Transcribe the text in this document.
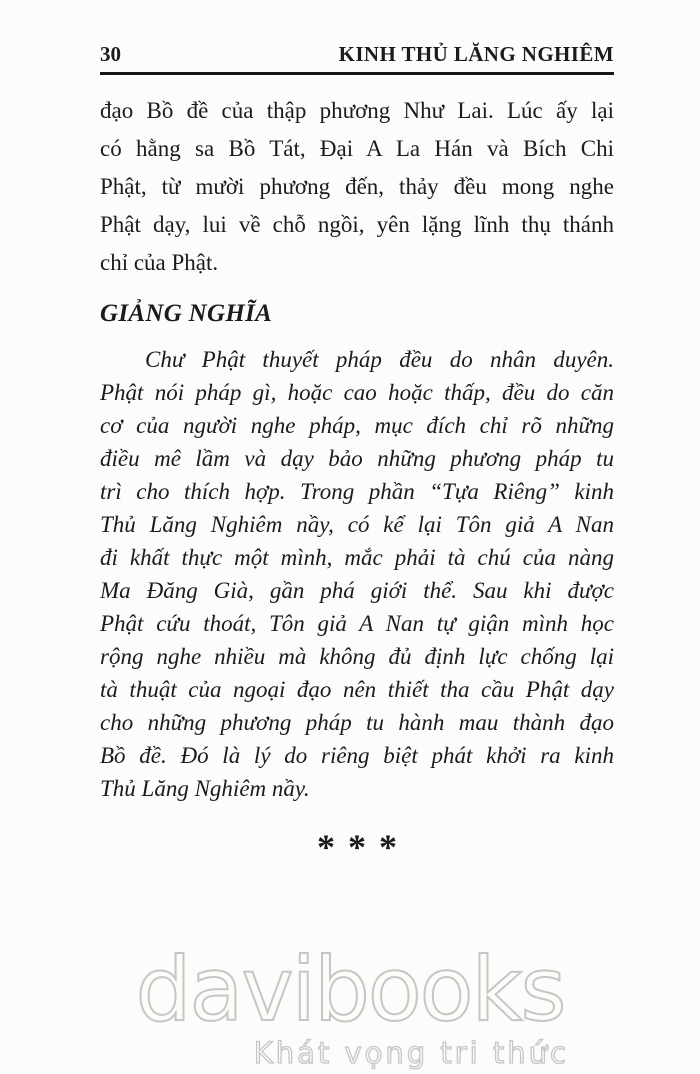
30	KINH THỦ LĂNG NGHIÊM
đạo Bồ đề của thập phương Như Lai. Lúc ấy lại
có hằng sa Bồ Tát, Đại A La Hán và Bích Chi
Phật, từ mười phương đến, thảy đều mong nghe
Phật dạy, lui về chỗ ngồi, yên lặng lĩnh thụ thánh
chỉ của Phật.
GIẢNG NGHĨA
Chư Phật thuyết pháp đều do nhân duyên.
Phật nói pháp gì, hoặc cao hoặc thấp, đều do căn
cơ của người nghe pháp, mục đích chỉ rõ những
điều mê lầm và dạy bảo những phương pháp tu
trì cho thích hợp. Trong phần “Tựa Riêng” kinh
Thủ Lăng Nghiêm nầy, có kể lại Tôn giả A Nan
đi khất thực một mình, mắc phải tà chú của nàng
Ma Đăng Già, gần phá giới thể. Sau khi được
Phật cứu thoát, Tôn giả A Nan tự giận mình học
rộng nghe nhiều mà không đủ định lực chống lại
tà thuật của ngoại đạo nên thiết tha cầu Phật dạy
cho những phương pháp tu hành mau thành đạo
Bồ đề. Đó là lý do riêng biệt phát khởi ra kinh
Thủ Lăng Nghiêm nầy.
***
davibooks
Khát vọng tri thức
